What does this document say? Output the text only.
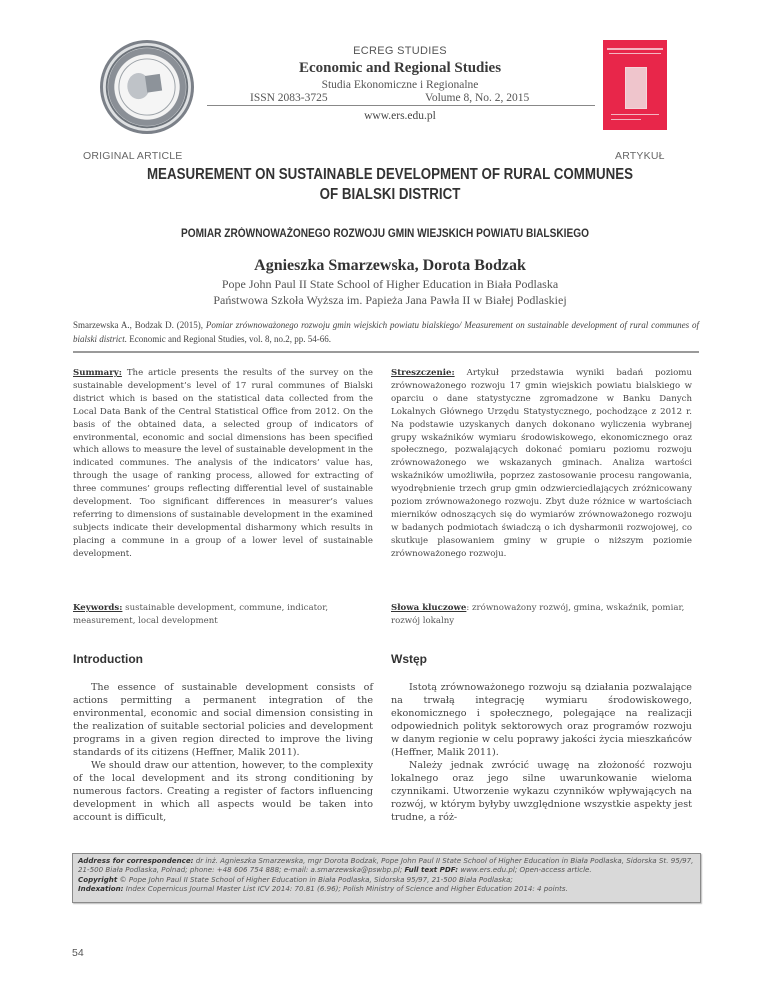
ECREG STUDIES
Economic and Regional Studies
Studia Ekonomiczne i Regionalne
ISSN 2083-3725	Volume 8, No. 2, 2015
www.ers.edu.pl
ORIGINAL ARTICLE	ARTYKUŁ
MEASUREMENT ON SUSTAINABLE DEVELOPMENT OF RURAL COMMUNES
OF BIALSKI DISTRICT
POMIAR ZRÓWNOWAŻONEGO ROZWOJU GMIN WIEJSKICH POWIATU BIALSKIEGO
Agnieszka Smarzewska, Dorota Bodzak
Pope John Paul II State School of Higher Education in Biała Podlaska
Państwowa Szkoła Wyższa im. Papieża Jana Pawła II w Białej Podlaskiej
Smarzewska A., Bodzak D. (2015), Pomiar zrównoważonego rozwoju gmin wiejskich powiatu bialskiego/ Measurement on sustainable development of rural communes of bialski district. Economic and Regional Studies, vol. 8, no.2, pp. 54-66.
Summary: The article presents the results of the survey on the sustainable development’s level of 17 rural communes of Bialski district which is based on the statistical data collected from the Local Data Bank of the Central Statistical Office from 2012. On the basis of the obtained data, a selected group of indicators of environmental, economic and social dimensions has been specified which allows to measure the level of sustainable development in the indicated communes. The analysis of the indicators’ value has, through the usage of ranking process, allowed for extracting of three communes’ groups reflecting differential level of sustainable development. Too significant differences in measurer’s values referring to dimensions of sustainable development in the examined subjects indicate their developmental disharmony which results in placing a commune in a group of a lower level of sustainable development.
Streszczenie: Artykuł przedstawia wyniki badań poziomu zrównoważonego rozwoju 17 gmin wiejskich powiatu bialskiego w oparciu o dane statystyczne zgromadzone w Banku Danych Lokalnych Głównego Urzędu Statystycznego, pochodzące z 2012 r. Na podstawie uzyskanych danych dokonano wyliczenia wybranej grupy wskaźników wymiaru środowiskowego, ekonomicznego oraz społecznego, pozwalających dokonać pomiaru poziomu rozwoju zrównoważonego we wskazanych gminach. Analiza wartości wskaźników umożliwiła, poprzez zastosowanie procesu rangowania, wyodrębnienie trzech grup gmin odzwierciedlających zróżnicowany poziom zrównoważonego rozwoju. Zbyt duże różnice w wartościach mierników odnoszących się do wymiarów zrównoważonego rozwoju w badanych podmiotach świadczą o ich dysharmonii rozwojowej, co skutkuje plasowaniem gminy w grupie o niższym poziomie zrównoważonego rozwoju.
Keywords: sustainable development, commune, indicator, measurement, local development
Słowa kluczowe: zrównoważony rozwój, gmina, wskaźnik, pomiar, rozwój lokalny
Introduction	Wstęp

The essence of sustainable development consists of actions permitting a permanent integration of the environmental, economic and social dimension consisting in the realization of suitable sectorial policies and development programs in a given region directed to improve the living standards of its citizens (Heffner, Malik 2011).

We should draw our attention, however, to the complexity of the local development and its strong conditioning by numerous factors. Creating a register of factors influencing development in which all aspects would be taken into account is difficult,

Istotą zrównoważonego rozwoju są działania pozwalające na trwałą integrację wymiaru środowiskowego, ekonomicznego i społecznego, polegające na realizacji odpowiednich polityk sektorowych oraz programów rozwoju w danym regionie w celu poprawy jakości życia mieszkańców (Heffner, Malik 2011).

Należy jednak zwrócić uwagę na złożoność rozwoju lokalnego oraz jego silne uwarunkowanie wieloma czynnikami. Utworzenie wykazu czynników wpływających na rozwój, w którym byłyby uwzględnione wszystkie aspekty jest trudne, a róż-

Address for correspondence: dr inż. Agnieszka Smarzewska, mgr Dorota Bodzak, Pope John Paul II State School of Higher Education in Biała Podlaska, Sidorska St. 95/97, 21-500 Biała Podlaska, Polnad; phone: +48 606 754 888; e-mail: a.smarzewska@pswbp.pl; Full text PDF: www.ers.edu.pl; Open-access article.
Copyright © Pope John Paul II State School of Higher Education in Biała Podlaska, Sidorska 95/97, 21-500 Biała Podlaska;
Indexation: Index Copernicus Journal Master List ICV 2014: 70.81 (6.96); Polish Ministry of Science and Higher Education 2014: 4 points.
54
